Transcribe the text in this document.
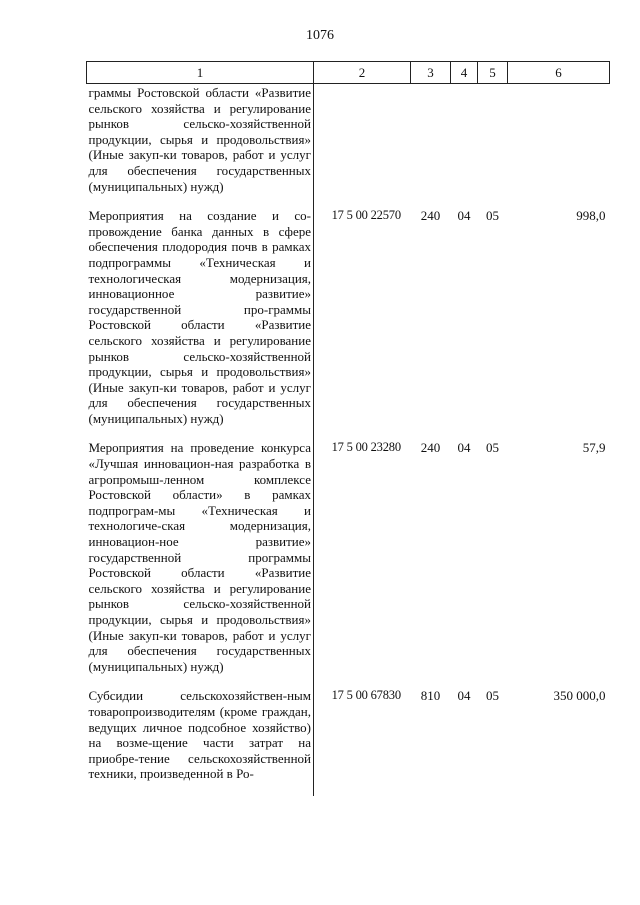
1076
1	2	3	4	5	6
граммы Ростовской области «Развитие сельского хозяйства и регулирование рынков сельско-хозяйственной продукции, сырья и продовольствия» (Иные закуп-ки товаров, работ и услуг для обеспечения государственных (муниципальных) нужд)					
Мероприятия на создание и со-провождение банка данных в сфере обеспечения плодородия почв в рамках подпрограммы «Техническая и технологическая модернизация, инновационное развитие» государственной про-граммы Ростовской области «Развитие сельского хозяйства и регулирование рынков сельско-хозяйственной продукции, сырья и продовольствия» (Иные закуп-ки товаров, работ и услуг для обеспечения государственных (муниципальных) нужд)	17 5 00 22570	240	04	05	998,0
Мероприятия на проведение конкурса «Лучшая инновацион-ная разработка в агропромыш-ленном комплексе Ростовской области» в рамках подпрограм-мы «Техническая и технологиче-ская модернизация, инновацион-ное развитие» государственной программы Ростовской области «Развитие сельского хозяйства и регулирование рынков сельско-хозяйственной продукции, сырья и продовольствия» (Иные закуп-ки товаров, работ и услуг для обеспечения государственных (муниципальных) нужд)	17 5 00 23280	240	04	05	57,9
Субсидии сельскохозяйствен-ным товаропроизводителям (кроме граждан, ведущих личное подсобное хозяйство) на возме-щение части затрат на приобре-тение сельскохозяйственной техники, произведенной в Ро-	17 5 00 67830	810	04	05	350 000,0
